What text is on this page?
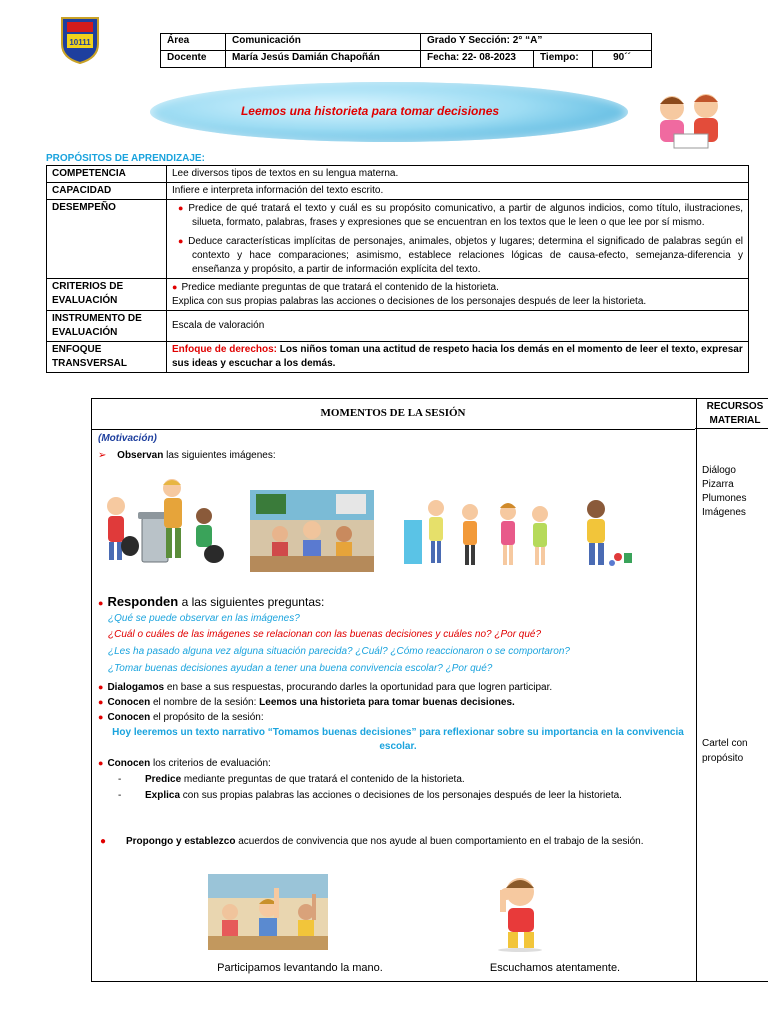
10111	Área	Comunicación	Grado Y Sección: 2° “A”		
Docente	María Jesús Damián Chapoñán	Fecha: 22- 08-2023	Tiempo:	90´´
Leemos una historieta para tomar decisiones
PROPÓSITOS DE APRENDIZAJE:
COMPETENCIA	Lee diversos tipos de textos en su lengua materna.
CAPACIDAD	Infiere e interpreta información del texto escrito.
DESEMPEÑO	● Predice de qué tratará el texto y cuál es su propósito comunicativo, a partir de algunos indicios, como título, ilustraciones, silueta, formato, palabras, frases y expresiones que se encuentran en los textos que le leen o que lee por sí mismo.
● Deduce características implícitas de personajes, animales, objetos y lugares; determina el significado de palabras según el contexto y hace comparaciones; asimismo, establece relaciones lógicas de causa-efecto, semejanza-diferencia y enseñanza y propósito, a partir de información explícita del texto.

CRITERIOS DE EVALUACIÓN	● Predice mediante preguntas de que tratará el contenido de la historieta.
Explica con sus propias palabras las acciones o decisiones de los personajes después de leer la historieta.

INSTRUMENTO DE EVALUACIÓN	Escala de valoración
ENFOQUE TRANSVERSAL	Enfoque de derechos: Los niños toman una actitud de respeto hacia los demás en el momento de leer el texto, expresar sus ideas y escuchar a los demás.
MOMENTOS DE LA SESIÓN
RECURSOS MATERIAL
(Motivación)
➢ Observan las siguientes imágenes:
● Responden a las siguientes preguntas:
¿Qué se puede observar en las imágenes?
¿Cuál o cuáles de las imágenes se relacionan con las buenas decisiones y cuáles no? ¿Por qué?
¿Les ha pasado alguna vez alguna situación parecida? ¿Cuál? ¿Cómo reaccionaron o se comportaron?
¿Tomar buenas decisiones ayudan a tener una buena convivencia escolar? ¿Por qué?
● Dialogamos en base a sus respuestas, procurando darles la oportunidad para que logren participar.
● Conocen el nombre de la sesión: Leemos una historieta para tomar buenas decisiones.
● Conocen el propósito de la sesión:
Hoy leeremos un texto narrativo “Tomamos buenas decisiones” para reflexionar sobre su importancia en la convivencia escolar.
● Conocen los criterios de evaluación:
- Predice mediante preguntas de que tratará el contenido de la historieta.
- Explica con sus propias palabras las acciones o decisiones de los personajes después de leer la historieta.
● Propongo y establezco acuerdos de convivencia que nos ayude al buen comportamiento en el trabajo de la sesión.
Participamos levantando la mano.	Escuchamos atentamente.
Diálogo
Pizarra
Plumones
Imágenes
Cartel con propósito
